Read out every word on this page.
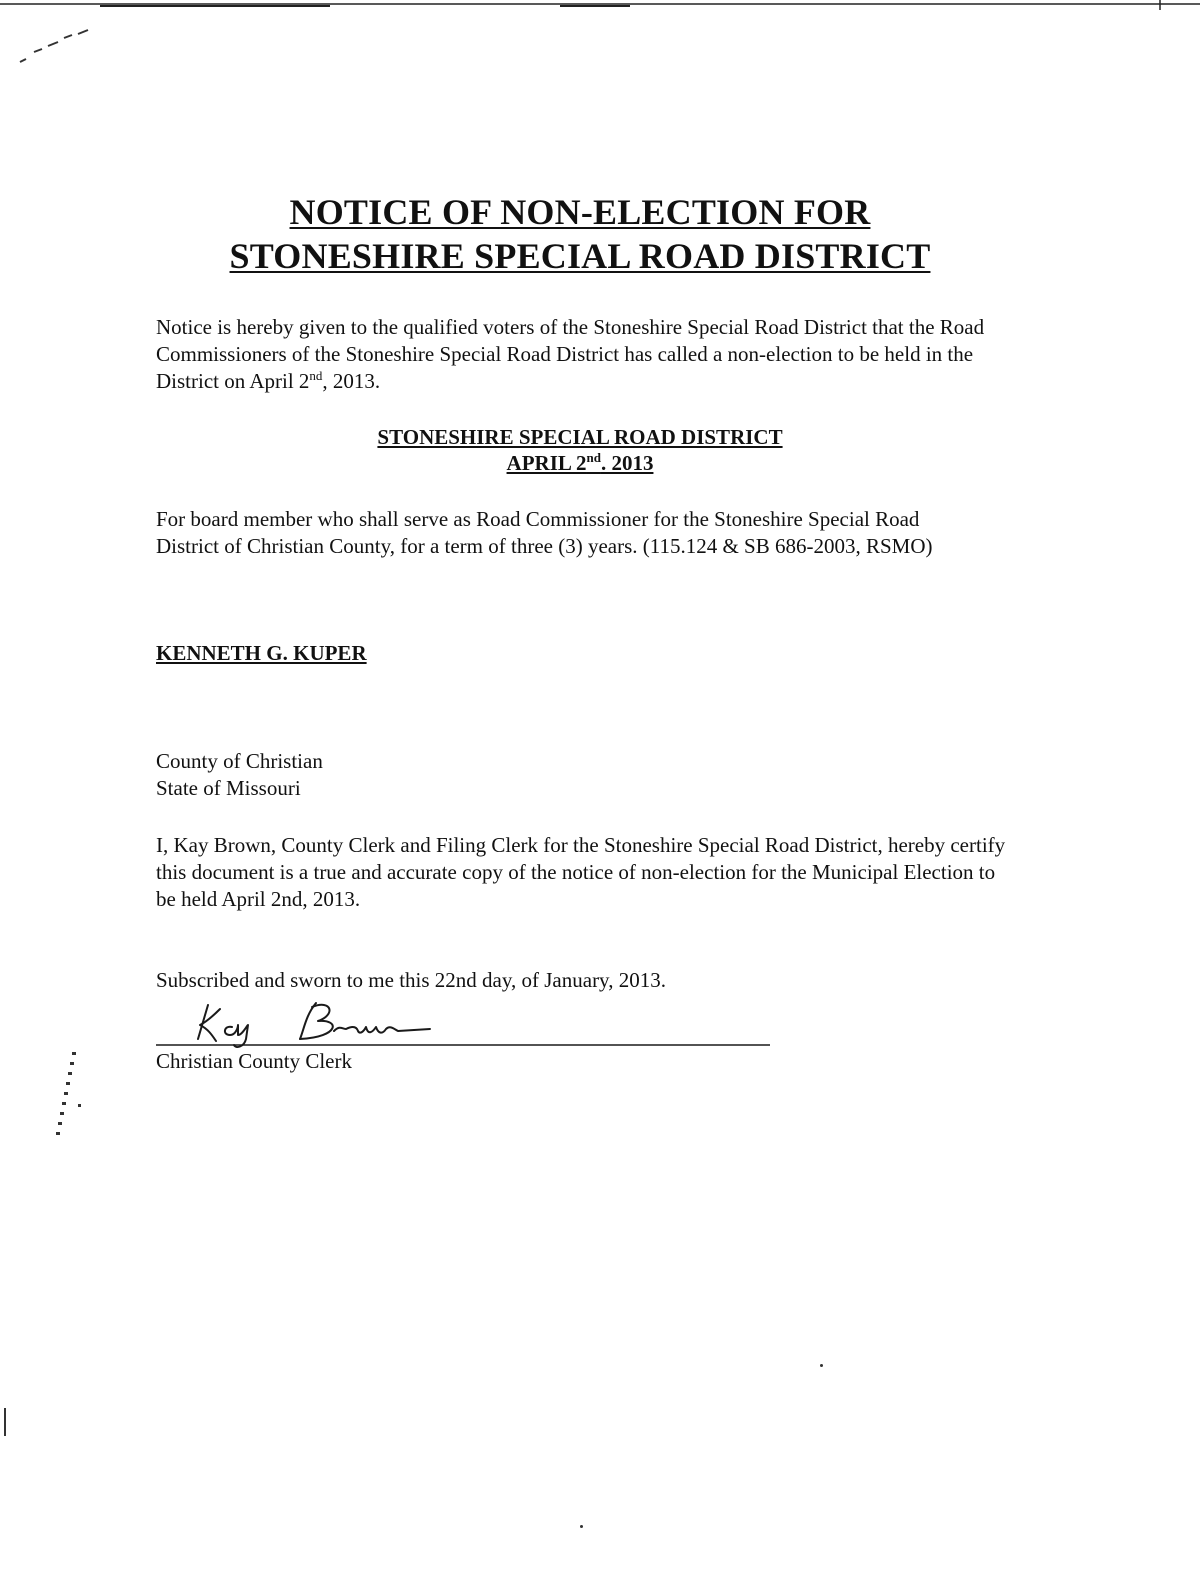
NOTICE OF NON-ELECTION FOR
STONESHIRE SPECIAL ROAD DISTRICT
Notice is hereby given to the qualified voters of the Stoneshire Special Road District that the Road Commissioners of the Stoneshire Special Road District has called a non-election to be held in the District on April 2nd, 2013.
STONESHIRE SPECIAL ROAD DISTRICT
APRIL 2nd. 2013
For board member who shall serve as Road Commissioner for the Stoneshire Special Road District of Christian County, for a term of three (3) years. (115.124 & SB 686-2003, RSMO)
KENNETH G. KUPER
County of Christian
State of Missouri
I, Kay Brown, County Clerk and Filing Clerk for the Stoneshire Special Road District, hereby certify this document is a true and accurate copy of the notice of non-election for the Municipal Election to be held April 2nd, 2013.
Subscribed and sworn to me this 22nd day, of January, 2013.
Christian County Clerk
